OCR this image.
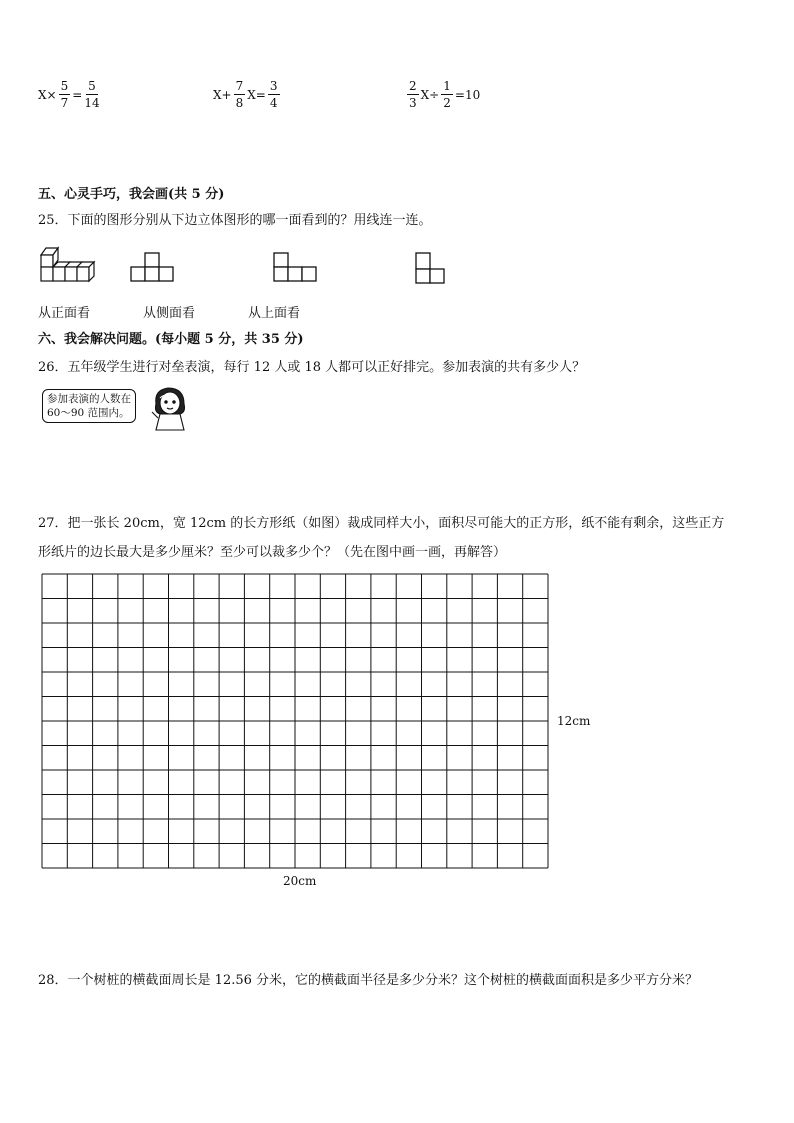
$X \times \frac{5}{7} = \frac{5}{14}$	$X+ \frac{7}{8} X= \frac{3}{4}$	$\frac{2}{3} X\div \frac{1}{2} =10$
五、心灵手巧，我会画(共 5 分)
25．下面的图形分别从下边立体图形的哪一面看到的？用线连一连。
从正面看	从侧面看	从上面看
六、我会解决问题。(每小题 5 分，共 35 分)
26．五年级学生进行对垒表演，每行 12 人或 18 人都可以正好排完。参加表演的共有多少人？
参加表演的人数在
60～90 范围内。
27．把一张长 20cm，宽 12cm 的长方形纸（如图）裁成同样大小，面积尽可能大的正方形，纸不能有剩余，这些正方
形纸片的边长最大是多少厘米？至少可以裁多少个？（先在图中画一画，再解答）
12cm
20cm
28．一个树桩的横截面周长是 12.56 分米，它的横截面半径是多少分米？这个树桩的横截面面积是多少平方分米？
